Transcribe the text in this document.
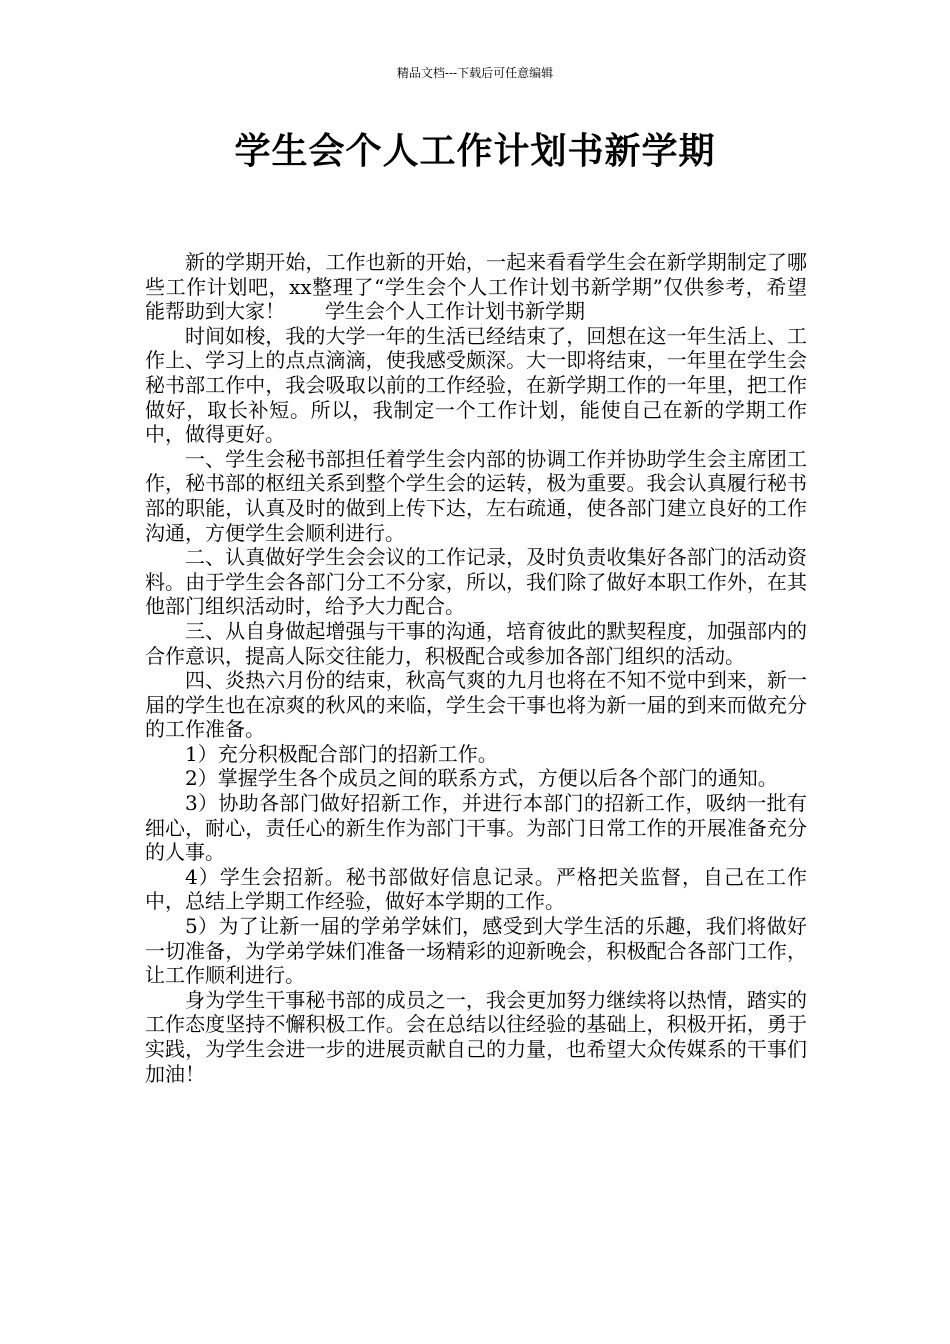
精品文档---下载后可任意编辑
学生会个人工作计划书新学期

新的学期开始，工作也新的开始，一起来看看学生会在新学期制定了哪些工作计划吧，xx整理了“学生会个人工作计划书新学期”仅供参考，希望能帮助到大家！　　学生会个人工作计划书新学期

时间如梭，我的大学一年的生活已经结束了，回想在这一年生活上、工作上、学习上的点点滴滴，使我感受颇深。大一即将结束，一年里在学生会秘书部工作中，我会吸取以前的工作经验，在新学期工作的一年里，把工作做好，取长补短。所以，我制定一个工作计划，能使自己在新的学期工作中，做得更好。

一、学生会秘书部担任着学生会内部的协调工作并协助学生会主席团工作，秘书部的枢纽关系到整个学生会的运转，极为重要。我会认真履行秘书部的职能，认真及时的做到上传下达，左右疏通，使各部门建立良好的工作沟通，方便学生会顺利进行。

二、认真做好学生会会议的工作记录，及时负责收集好各部门的活动资料。由于学生会各部门分工不分家，所以，我们除了做好本职工作外，在其他部门组织活动时，给予大力配合。

三、从自身做起增强与干事的沟通，培育彼此的默契程度，加强部内的合作意识，提高人际交往能力，积极配合或参加各部门组织的活动。

四、炎热六月份的结束，秋高气爽的九月也将在不知不觉中到来，新一届的学生也在凉爽的秋风的来临，学生会干事也将为新一届的到来而做充分的工作准备。

1）充分积极配合部门的招新工作。

2）掌握学生各个成员之间的联系方式，方便以后各个部门的通知。

3）协助各部门做好招新工作，并进行本部门的招新工作，吸纳一批有细心，耐心，责任心的新生作为部门干事。为部门日常工作的开展准备充分的人事。

4）学生会招新。秘书部做好信息记录。严格把关监督，自己在工作中，总结上学期工作经验，做好本学期的工作。

5）为了让新一届的学弟学妹们，感受到大学生活的乐趣，我们将做好一切准备，为学弟学妹们准备一场精彩的迎新晚会，积极配合各部门工作，让工作顺利进行。

身为学生干事秘书部的成员之一，我会更加努力继续将以热情，踏实的工作态度坚持不懈积极工作。会在总结以往经验的基础上，积极开拓，勇于实践，为学生会进一步的进展贡献自己的力量，也希望大众传媒系的干事们加油！
